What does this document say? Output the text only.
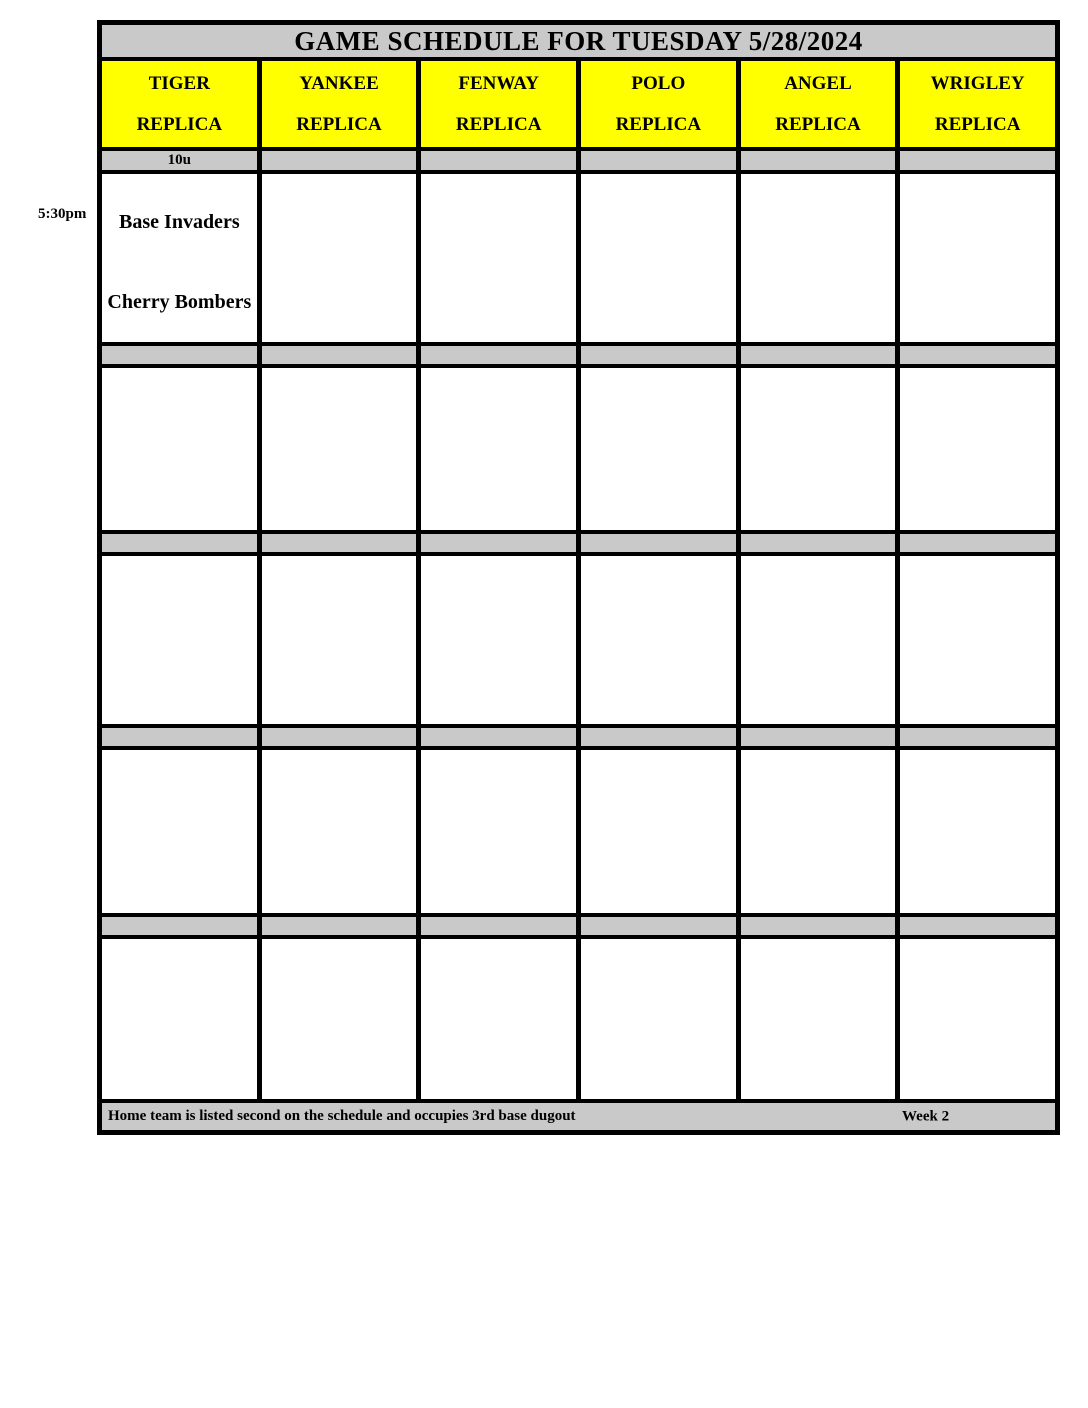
5:30pm
GAME SCHEDULE FOR TUESDAY 5/28/2024
TIGER
REPLICA
YANKEE
REPLICA
FENWAY
REPLICA
POLO
REPLICA
ANGEL
REPLICA
WRIGLEY
REPLICA
10u
Base Invaders
Cherry Bombers
Home team is listed second on the schedule and occupies 3rd base dugout	Week 2
